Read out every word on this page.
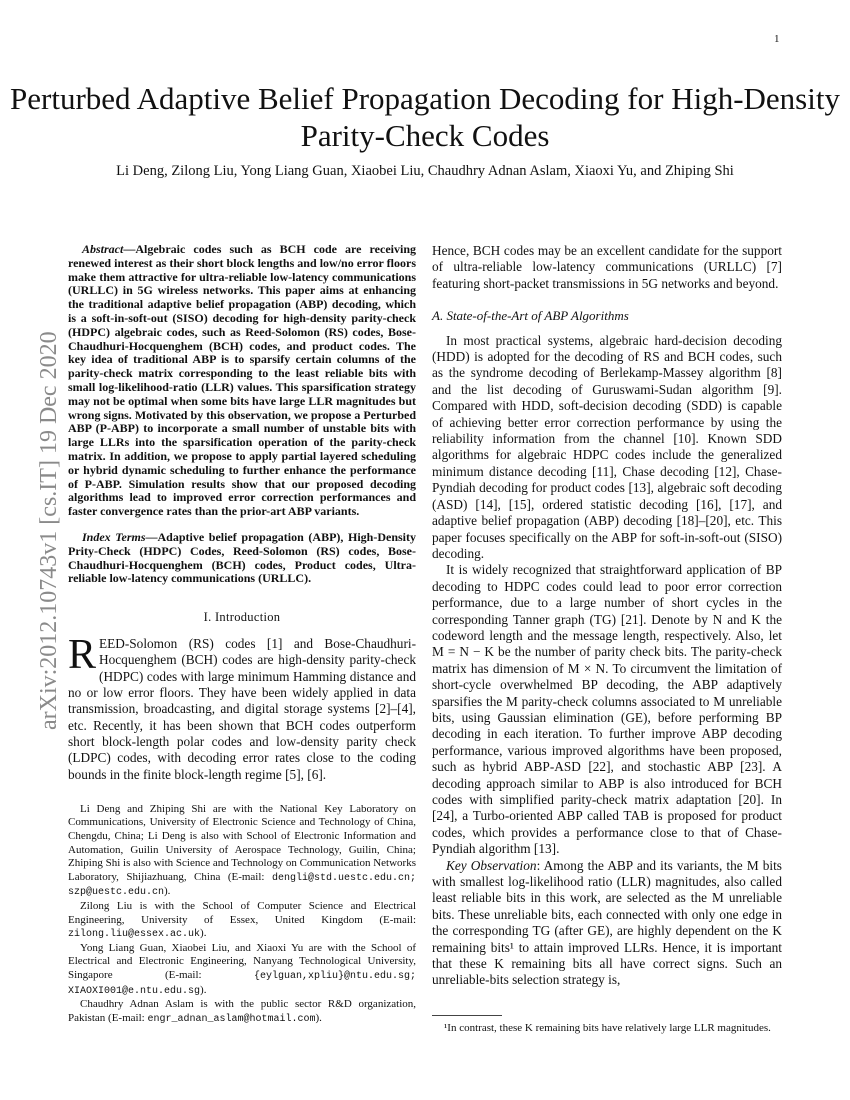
1
Perturbed Adaptive Belief Propagation Decoding for High-Density Parity-Check Codes
Li Deng, Zilong Liu, Yong Liang Guan, Xiaobei Liu, Chaudhry Adnan Aslam, Xiaoxi Yu, and Zhiping Shi
arXiv:2012.10743v1 [cs.IT] 19 Dec 2020

Abstract—Algebraic codes such as BCH code are receiving renewed interest as their short block lengths and low/no error floors make them attractive for ultra-reliable low-latency communications (URLLC) in 5G wireless networks. This paper aims at enhancing the traditional adaptive belief propagation (ABP) decoding, which is a soft-in-soft-out (SISO) decoding for high-density parity-check (HDPC) algebraic codes, such as Reed-Solomon (RS) codes, Bose-Chaudhuri-Hocquenghem (BCH) codes, and product codes. The key idea of traditional ABP is to sparsify certain columns of the parity-check matrix corresponding to the least reliable bits with small log-likelihood-ratio (LLR) values. This sparsification strategy may not be optimal when some bits have large LLR magnitudes but wrong signs. Motivated by this observation, we propose a Perturbed ABP (P-ABP) to incorporate a small number of unstable bits with large LLRs into the sparsification operation of the parity-check matrix. In addition, we propose to apply partial layered scheduling or hybrid dynamic scheduling to further enhance the performance of P-ABP. Simulation results show that our proposed decoding algorithms lead to improved error correction performances and faster convergence rates than the prior-art ABP variants.

Index Terms—Adaptive belief propagation (ABP), High-Density Prity-Check (HDPC) Codes, Reed-Solomon (RS) codes, Bose-Chaudhuri-Hocquenghem (BCH) codes, Product codes, Ultra-reliable low-latency communications (URLLC).

I. Introduction

REED-Solomon (RS) codes [1] and Bose-Chaudhuri-Hocquenghem (BCH) codes are high-density parity-check (HDPC) codes with large minimum Hamming distance and no or low error floors. They have been widely applied in data transmission, broadcasting, and digital storage systems [2]–[4], etc. Recently, it has been shown that BCH codes outperform short block-length polar codes and low-density parity check (LDPC) codes, with decoding error rates close to the coding bounds in the finite block-length regime [5], [6].

Li Deng and Zhiping Shi are with the National Key Laboratory on Communications, University of Electronic Science and Technology of China, Chengdu, China; Li Deng is also with School of Electronic Information and Automation, Guilin University of Aerospace Technology, Guilin, China; Zhiping Shi is also with Science and Technology on Communication Networks Laboratory, Shijiazhuang, China (E-mail: dengli@std.uestc.edu.cn; szp@uestc.edu.cn).

Zilong Liu is with the School of Computer Science and Electrical Engineering, University of Essex, United Kingdom (E-mail: zilong.liu@essex.ac.uk).

Yong Liang Guan, Xiaobei Liu, and Xiaoxi Yu are with the School of Electrical and Electronic Engineering, Nanyang Technological University, Singapore (E-mail:	{eylguan,xpliu}@ntu.edu.sg; XIAOXI001@e.ntu.edu.sg).

Chaudhry Adnan Aslam is with the public sector R&D organization, Pakistan (E-mail: engr_adnan_aslam@hotmail.com).

Hence, BCH codes may be an excellent candidate for the support of ultra-reliable low-latency communications (URLLC) [7] featuring short-packet transmissions in 5G networks and beyond.

A. State-of-the-Art of ABP Algorithms

In most practical systems, algebraic hard-decision decoding (HDD) is adopted for the decoding of RS and BCH codes, such as the syndrome decoding of Berlekamp-Massey algorithm [8] and the list decoding of Guruswami-Sudan algorithm [9]. Compared with HDD, soft-decision decoding (SDD) is capable of achieving better error correction performance by using the reliability information from the channel [10]. Known SDD algorithms for algebraic HDPC codes include the generalized minimum distance decoding [11], Chase decoding [12], Chase-Pyndiah decoding for product codes [13], algebraic soft decoding (ASD) [14], [15], ordered statistic decoding [16], [17], and adaptive belief propagation (ABP) decoding [18]–[20], etc. This paper focuses specifically on the ABP for soft-in-soft-out (SISO) decoding.

It is widely recognized that straightforward application of BP decoding to HDPC codes could lead to poor error correction performance, due to a large number of short cycles in the corresponding Tanner graph (TG) [21]. Denote by N and K the codeword length and the message length, respectively. Also, let M = N − K be the number of parity check bits. The parity-check matrix has dimension of M × N. To circumvent the limitation of short-cycle overwhelmed BP decoding, the ABP adaptively sparsifies the M parity-check columns associated to M unreliable bits, using Gaussian elimination (GE), before performing BP decoding in each iteration. To further improve ABP decoding performance, various improved algorithms have been proposed, such as hybrid ABP-ASD [22], and stochastic ABP [23]. A decoding approach similar to ABP is also introduced for BCH codes with simplified parity-check matrix adaptation [20]. In [24], a Turbo-oriented ABP called TAB is proposed for product codes, which provides a performance close to that of Chase-Pyndiah algorithm [13].

Key Observation: Among the ABP and its variants, the M bits with smallest log-likelihood ratio (LLR) magnitudes, also called least reliable bits in this work, are selected as the M unreliable bits. These unreliable bits, each connected with only one edge in the corresponding TG (after GE), are highly dependent on the K remaining bits¹ to attain improved LLRs. Hence, it is important that these K remaining bits all have correct signs. Such an unreliable-bits selection strategy is,

¹In contrast, these K remaining bits have relatively large LLR magnitudes.
